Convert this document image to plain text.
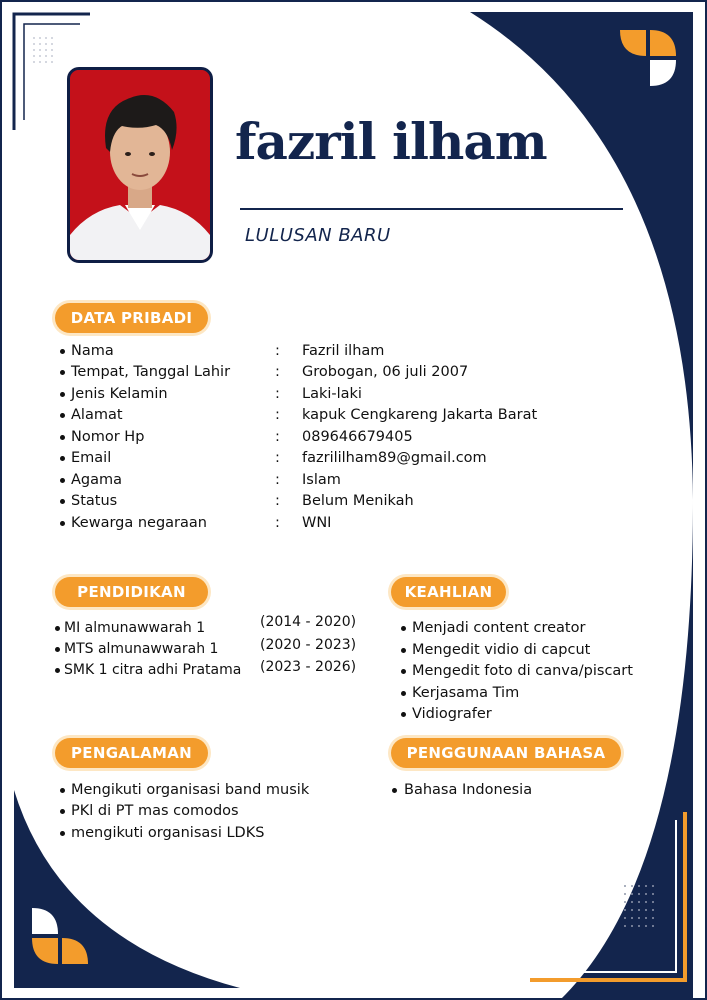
fazril ilham
LULUSAN BARU
DATA PRIBADI
Nama	: Fazril ilham
Tempat, Tanggal Lahir	: Grobogan, 06 juli 2007
Jenis Kelamin	: Laki-laki
Alamat	: kapuk Cengkareng Jakarta Barat
Nomor Hp	: 089646679405
Email	: fazrililham89@gmail.com
Agama	: Islam
Status	: Belum Menikah
Kewarga negaraan	: WNI
PENDIDIKAN
MI almunawwarah 1	(2014 - 2020)
MTS almunawwarah 1	(2020 - 2023)
SMK 1 citra adhi Pratama (2023 - 2026)
KEAHLIAN
Menjadi content creator
Mengedit vidio di capcut
Mengedit foto di canva/piscart
Kerjasama Tim
Vidiografer
PENGALAMAN
Mengikuti organisasi band musik
PKl di PT mas comodos
mengikuti organisasi LDKS
PENGGUNAAN BAHASA
Bahasa Indonesia
